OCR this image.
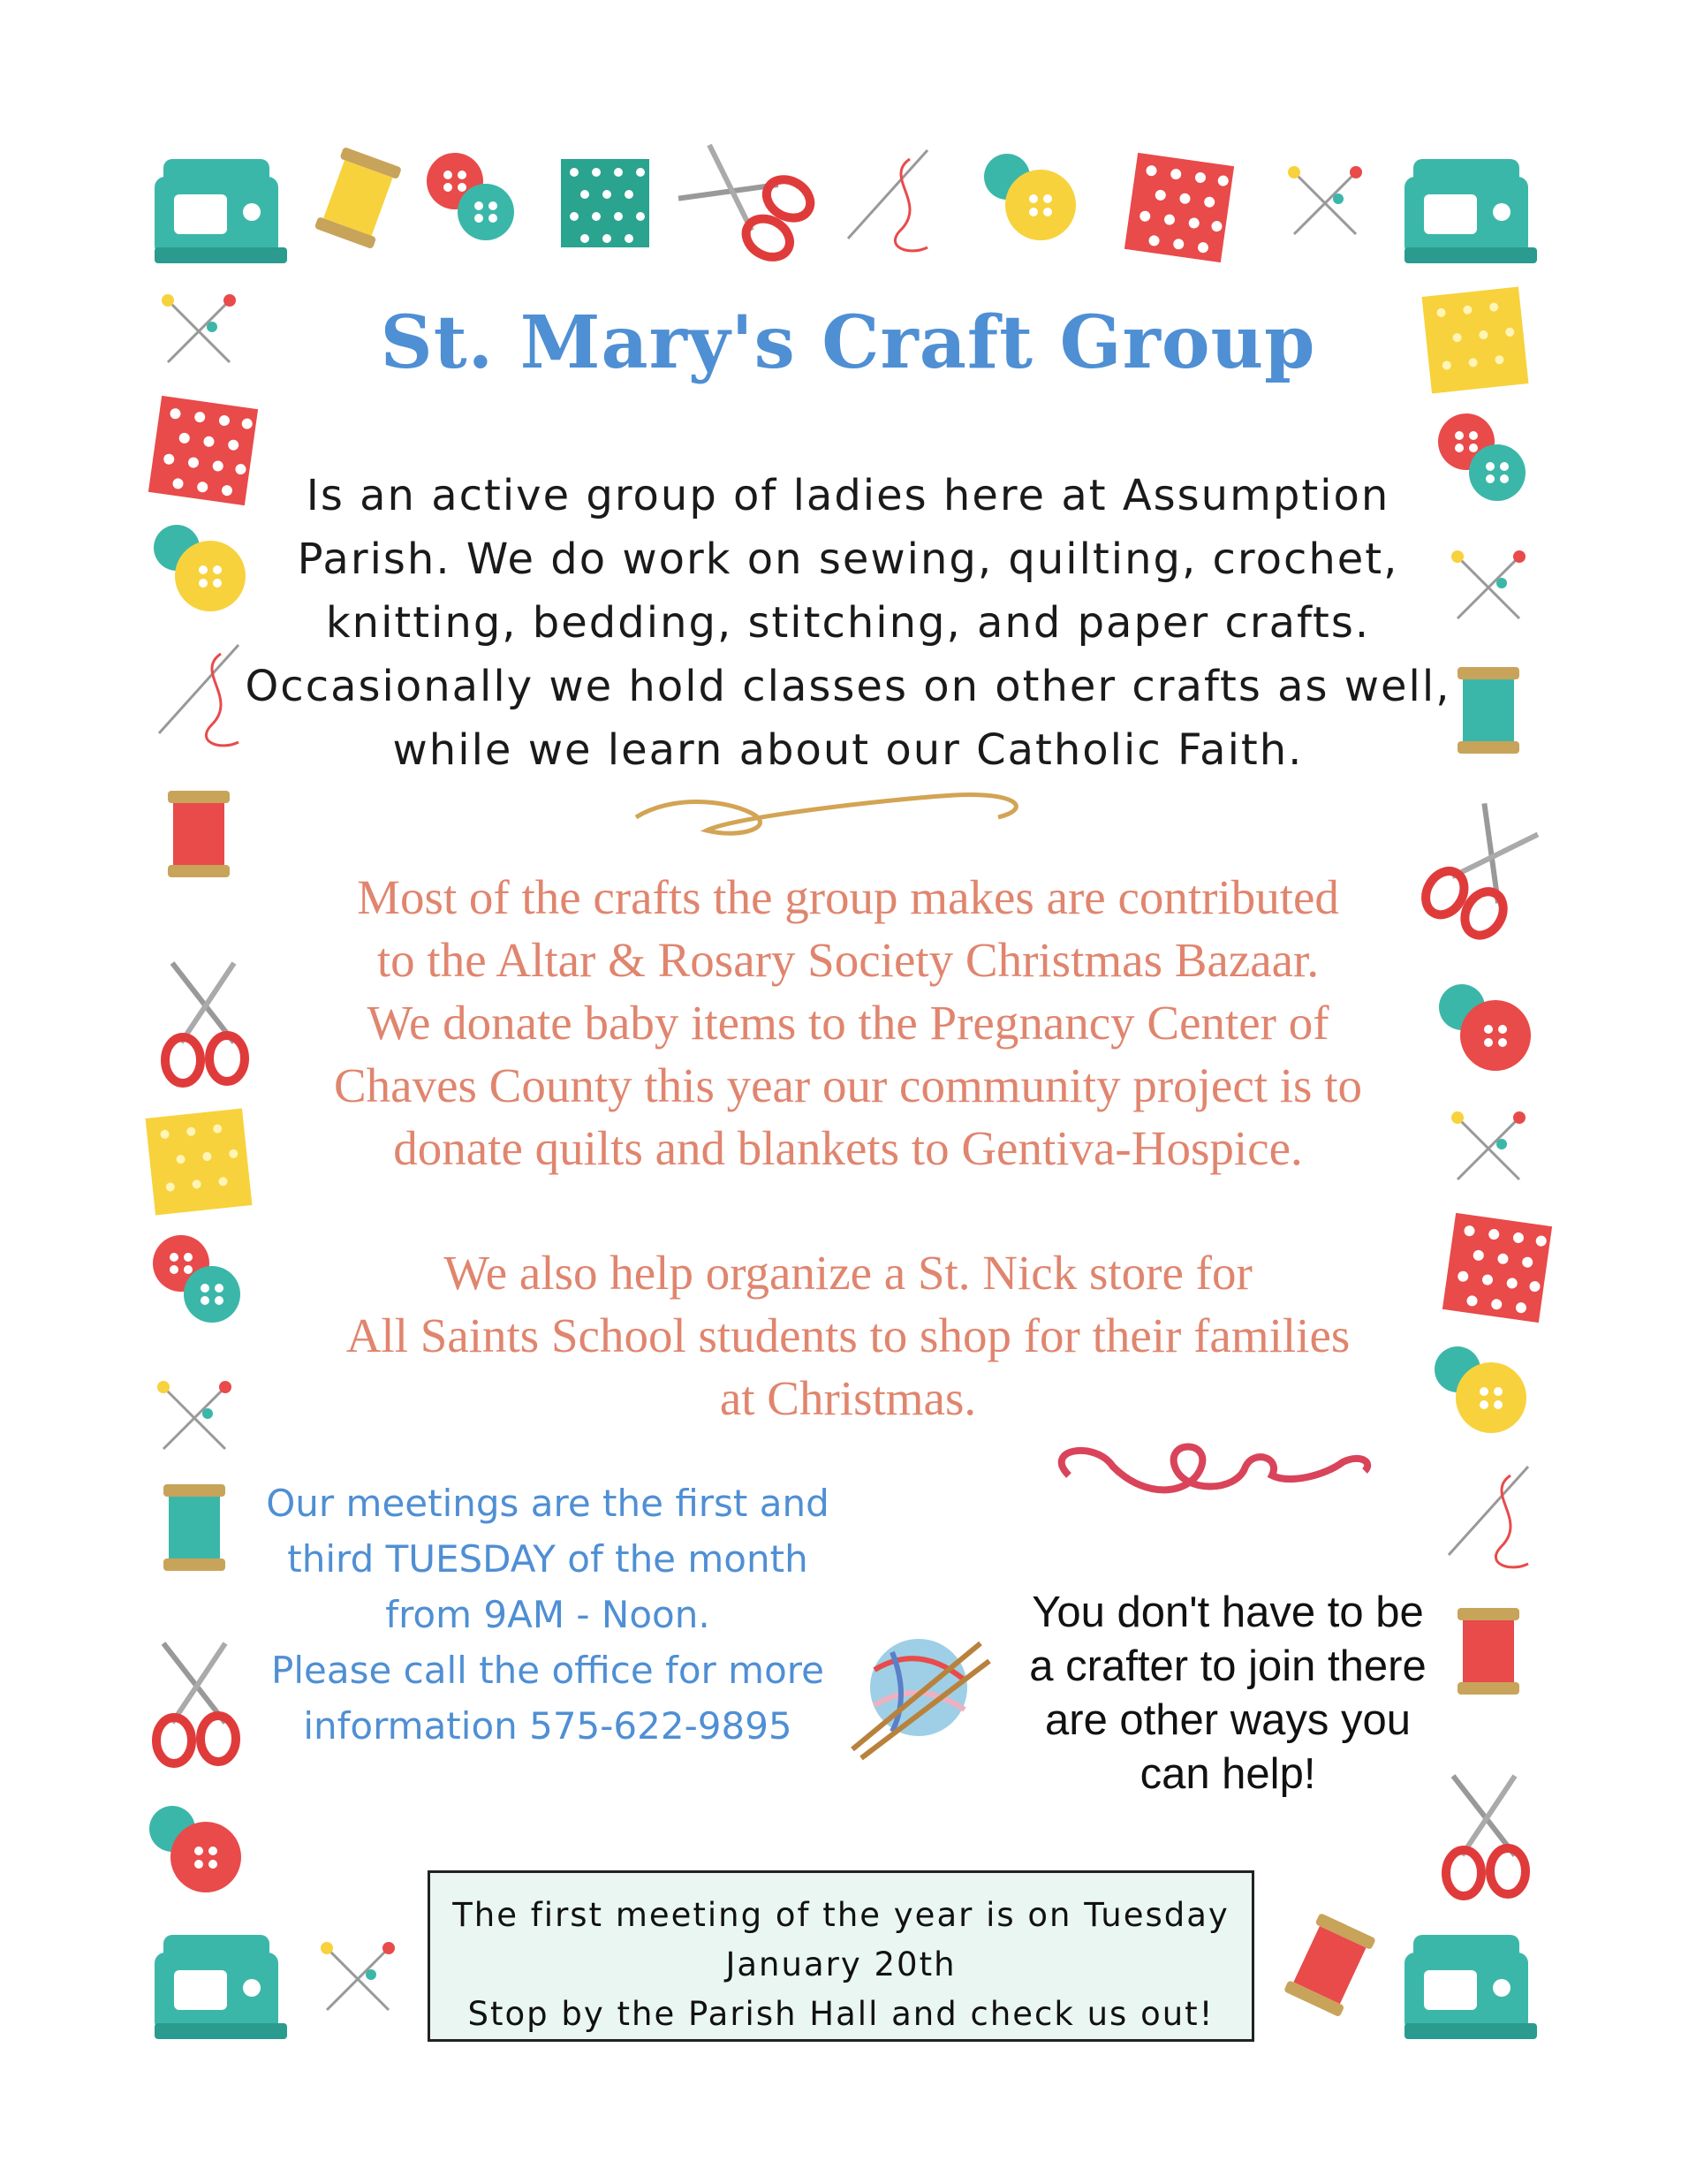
St. Mary's Craft Group
Is an active group of ladies here at Assumption
Parish. We do work on sewing, quilting, crochet,
knitting, bedding, stitching, and paper crafts.
Occasionally we hold classes on other crafts as well,
while we learn about our Catholic Faith.
Most of the crafts the group makes are contributed
to the Altar & Rosary Society Christmas Bazaar.
We donate baby items to the Pregnancy Center of
Chaves County this year our community project is to
donate quilts and blankets to Gentiva-Hospice.
We also help organize a St. Nick store for
All Saints School students to shop for their families
at Christmas.
Our meetings are the first and
third TUESDAY of the month
from 9AM - Noon.
Please call the office for more
information 575-622-9895
You don't have to be
a crafter to join there
are other ways you
can help!
The first meeting of the year is on Tuesday
January 20th
Stop by the Parish Hall and check us out!
